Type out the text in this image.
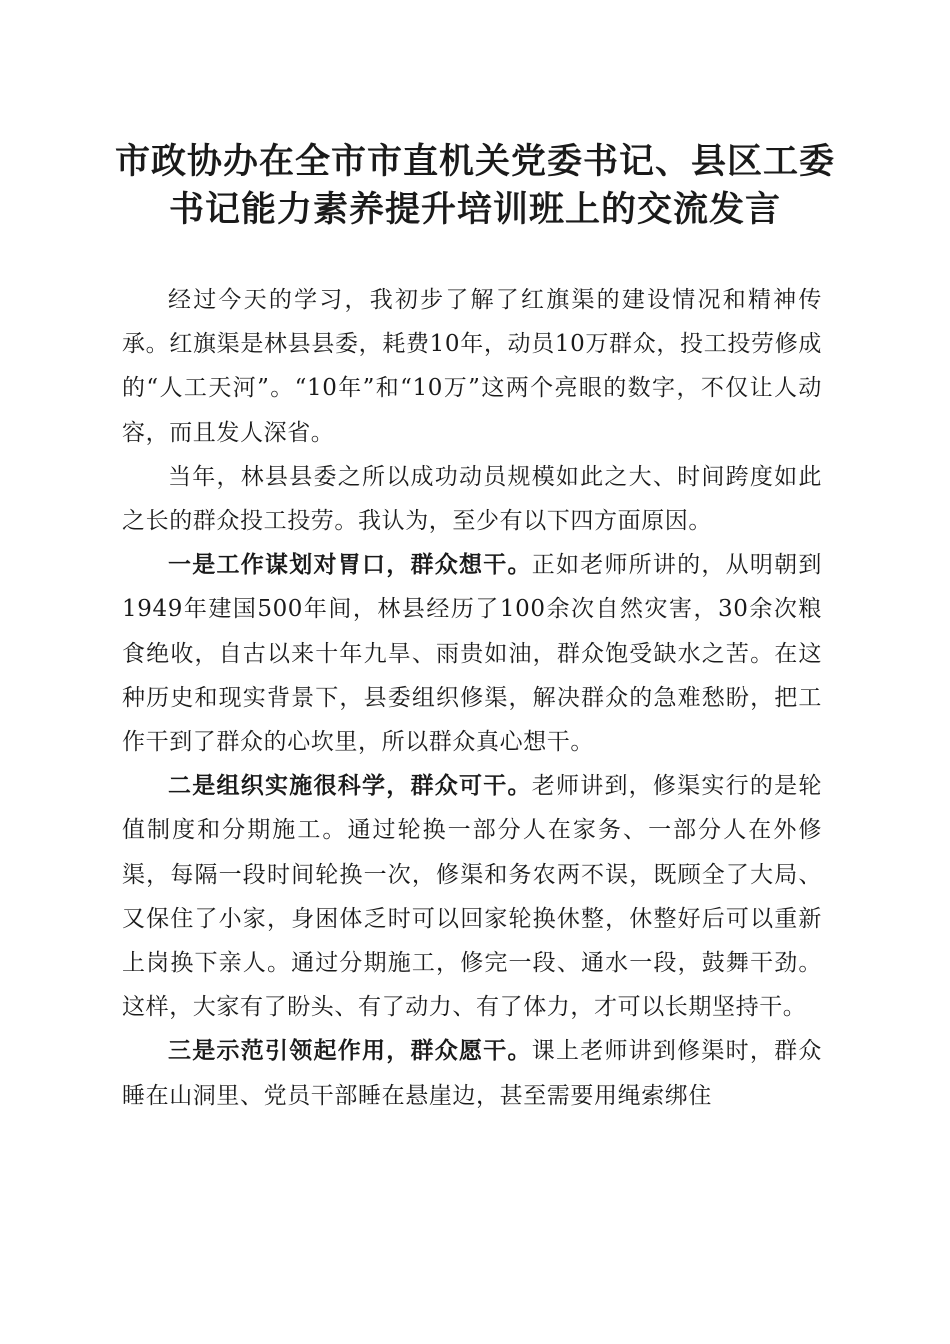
市政协办在全市市直机关党委书记、县区工委
书记能力素养提升培训班上的交流发言

经过今天的学习，我初步了解了红旗渠的建设情况和精神传承。红旗渠是林县县委，耗费10年，动员10万群众，投工投劳修成的“人工天河”。“10年”和“10万”这两个亮眼的数字，不仅让人动容，而且发人深省。

当年，林县县委之所以成功动员规模如此之大、时间跨度如此之长的群众投工投劳。我认为，至少有以下四方面原因。

一是工作谋划对胃口，群众想干。正如老师所讲的，从明朝到1949年建国500年间，林县经历了100余次自然灾害，30余次粮食绝收，自古以来十年九旱、雨贵如油，群众饱受缺水之苦。在这种历史和现实背景下，县委组织修渠，解决群众的急难愁盼，把工作干到了群众的心坎里，所以群众真心想干。

二是组织实施很科学，群众可干。老师讲到，修渠实行的是轮值制度和分期施工。通过轮换一部分人在家务、一部分人在外修渠，每隔一段时间轮换一次，修渠和务农两不误，既顾全了大局、又保住了小家，身困体乏时可以回家轮换休整，休整好后可以重新上岗换下亲人。通过分期施工，修完一段、通水一段，鼓舞干劲。这样，大家有了盼头、有了动力、有了体力，才可以长期坚持干。

三是示范引领起作用，群众愿干。课上老师讲到修渠时，群众睡在山洞里、党员干部睡在悬崖边，甚至需要用绳索绑住
